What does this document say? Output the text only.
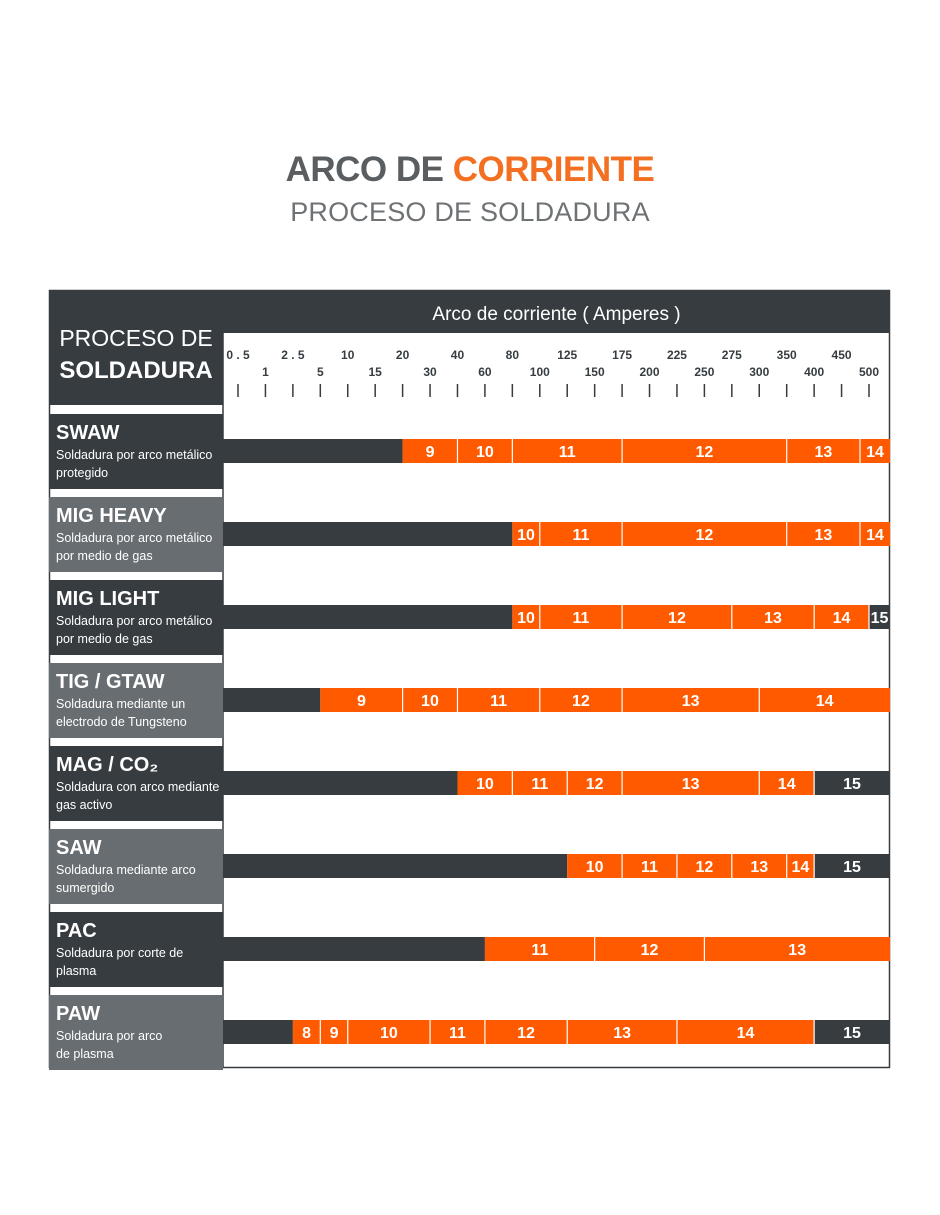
ARCO DE CORRIENTE
PROCESO DE SOLDADURA
PROCESO DE
SOLDADURA
Arco de corriente ( Amperes )
0 . 5
1
2 . 5
5
10
15
20
30
40
60
80
100
125
150
175
200
225
250
275
300
350
400
450
500
SWAW
Soldadura por arco metálico
protegido
9	10	11	12	13 14
MIG HEAVY
Soldadura por arco metálico
por medio de gas
10 11	12	13 14
MIG LIGHT
Soldadura por arco metálico
por medio de gas
10 11	12	13	14 15
TIG / GTAW
Soldadura mediante un
electrodo de Tungsteno
9	10	11	12	13	14
MAG / CO₂
Soldadura con arco mediante
gas activo
10 11 12	13	14	15
SAW
Soldadura mediante arco
sumergido
10 11 12 13 14 15
PAC
Soldadura por corte de
plasma
11	12	13
PAW
Soldadura por arco
de plasma
8 9	10	11	12	13	14	15
